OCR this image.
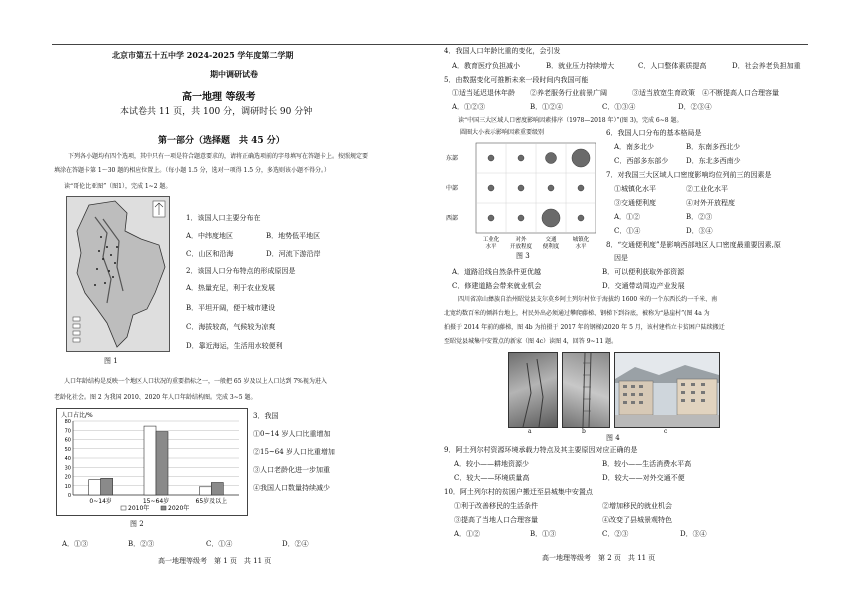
北京市第五十五中学 2024-2025 学年度第二学期
期中调研试卷
高一地理 等级考
本试卷共 11 页，共 100 分，调研时长 90 分钟
第一部分（选择题　共 45 分）
下列各小题均有四个选项，其中只有一项是符合题意要求的，请将正确选项前的字母填写在答题卡上。按照规定要
填涂在答题卡第 1～30 题的相应位置上。（每小题 1.5 分，选对一项得 1.5 分，多选则该小题不得分。）
读“哥伦比亚图”（图1），完成 1~2 题。
图 1
1．该国人口主要分布在
A．中纬度地区	B．地势低平地区
C．山区和沿海	D．河流下游沿岸
2．该国人口分布特点的形成原因是
A．热量充足，利于农业发展
B．平坦开阔，便于城市建设
C．海拔较高，气候较为凉爽
D．靠近海运，生活用水较便利
人口年龄结构是反映一个地区人口状况的重要指标之一，一般把 65 岁及以上人口达到 7%视为进入
老龄化社会。图 2 为我国 2010、2020 年人口年龄结构图。完成 3~5 题。
人口占比/%
0
10
20
30
40
50
60
70
80
0~14岁	15~64岁	65岁及以上
2010年	2020年
图 2
3．我国
①0~14 岁人口比重增加
②15~64 岁人口比重增加
③人口老龄化进一步加重
④我国人口数量持续减少
A．①③	B．②③	C．①④	D．②④
高一地理等级考　第 1 页　共 11 页
4．我国人口年龄比重的变化，会引发
A．教育医疗负担减小	B．就业压力持续增大	C．人口整体素质提高	D．社会养老负担加重
5．由数据变化可推断未来一段时间内我国可能
①适当延迟退休年龄 ②养老服务行业前景广阔	③适当放宽生育政策 ④不断提高人口合理容量
A．①②③	B．①②④	C．①③④	D．②③④
读“中国三大区域人口密度影响因素排序（1978—2018 年）”(图 3)，完成 6~8 题。
圆圈大小表示影响因素重要级别
东部
中部
西部
工业化
水平
对外
开放程度
交通
便利度
城镇化
水平
图 3
6．我国人口分布的基本格局是
A．南多北少	B．东南多西北少
C．西部多东部少	D．东北多西南少
7．对我国三大区域人口密度影响均位列前三的因素是
①城镇化水平	②工业化水平
③交通便利度	④对外开放程度
A．①②	B．②③
C．①④	D．③④
8．“交通便利度”是影响西部地区人口密度最重要因素,原
因是
A．道路沿线自然条件更优越	B．可以便利获取外部资源
C．修建道路会带来就业机会	D．交通带动周边产业发展
四川省凉山彝族自治州昭觉县支尔莫乡阿土列尔村位于海拔约 1600 米的一个东西长约一千米、南
北宽约数百米的倾斜台地上，村民外出必须通过攀爬藤梯、钢梯下到谷底，被称为“悬崖村”(图 4a 为
拍摄于 2014 年前的藤梯，图 4b 为拍摄于 2017 年的钢梯)2020 年 5 月，该村建档立卡贫困户陆续搬迁
至昭觉县城集中安置点的新家（图 4c）读图 4，回答 9~11 题。
a	b	c
图 4
9．阿土列尔村资源环境承载力特点及其主要原因对应正确的是
A．较小——耕地资源少	B．较小——生活消费水平高
C．较大——环境质量高	D．较大——对外交通不便
10．阿土列尔村的贫困户搬迁至县城集中安置点
①利于改善移民的生活条件	②增加移民的就业机会
③提高了当地人口合理容量	④改变了县城景观特色
A．①②	B．①③	C．②③	D．③④
高一地理等级考　第 2 页　共 11 页
